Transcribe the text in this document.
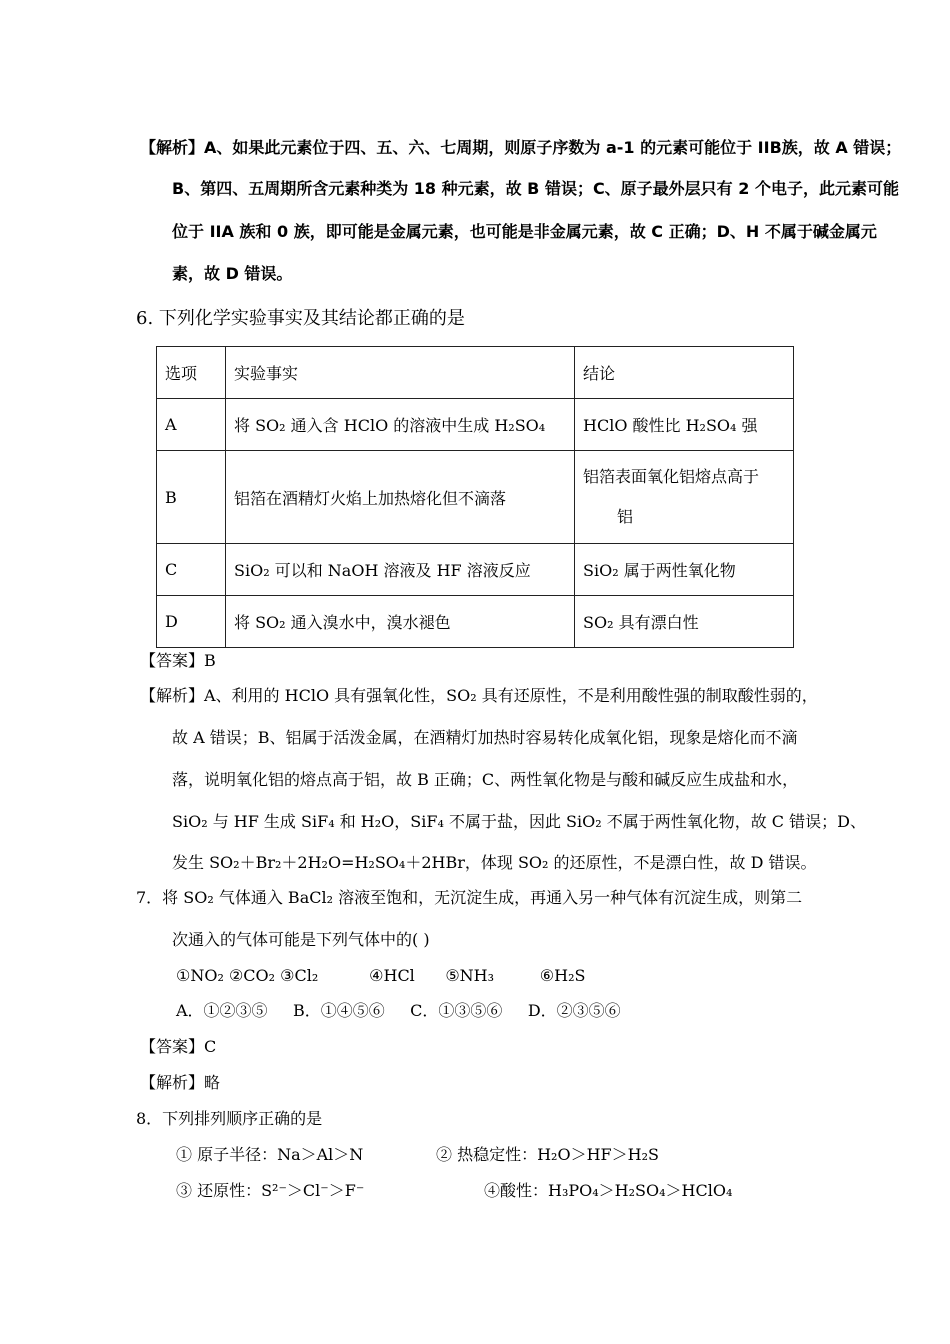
【解析】A、如果此元素位于四、五、六、七周期，则原子序数为 a-1 的元素可能位于 IIB族，故 A 错误；
B、第四、五周期所含元素种类为 18 种元素，故 B 错误；C、原子最外层只有 2 个电子，此元素可能
位于 IIA 族和 0 族，即可能是金属元素，也可能是非金属元素，故 C 正确；D、H 不属于碱金属元
素，故 D 错误。
6. 下列化学实验事实及其结论都正确的是
选项	实验事实	结论
A	将 SO₂ 通入含 HClO 的溶液中生成 H₂SO₄	HClO 酸性比 H₂SO₄ 强
B	铝箔在酒精灯火焰上加热熔化但不滴落	铝箔表面氧化铝熔点高于
铝
C	SiO₂ 可以和 NaOH 溶液及 HF 溶液反应	SiO₂ 属于两性氧化物
D	将 SO₂ 通入溴水中，溴水褪色	SO₂ 具有漂白性
【答案】B
【解析】A、利用的 HClO 具有强氧化性，SO₂ 具有还原性，不是利用酸性强的制取酸性弱的，
故 A 错误；B、铝属于活泼金属，在酒精灯加热时容易转化成氧化铝，现象是熔化而不滴
落，说明氧化铝的熔点高于铝，故 B 正确；C、两性氧化物是与酸和碱反应生成盐和水，
SiO₂ 与 HF 生成 SiF₄ 和 H₂O，SiF₄ 不属于盐，因此 SiO₂ 不属于两性氧化物，故 C 错误；D、
发生 SO₂＋Br₂＋2H₂O=H₂SO₄＋2HBr，体现 SO₂ 的还原性，不是漂白性，故 D 错误。
7．将 SO₂ 气体通入 BaCl₂ 溶液至饱和，无沉淀生成，再通入另一种气体有沉淀生成，则第二
次通入的气体可能是下列气体中的( )
①NO₂ ②CO₂ ③Cl₂          ④HCl      ⑤NH₃         ⑥H₂S
A．①②③⑤     B．①④⑤⑥     C．①③⑤⑥     D．②③⑤⑥
【答案】C
【解析】略
8．下列排列顺序正确的是
① 原子半径：Na＞Al＞N	② 热稳定性：H₂O＞HF＞H₂S
③ 还原性：S²⁻＞Cl⁻＞F⁻	④酸性：H₃PO₄＞H₂SO₄＞HClO₄
